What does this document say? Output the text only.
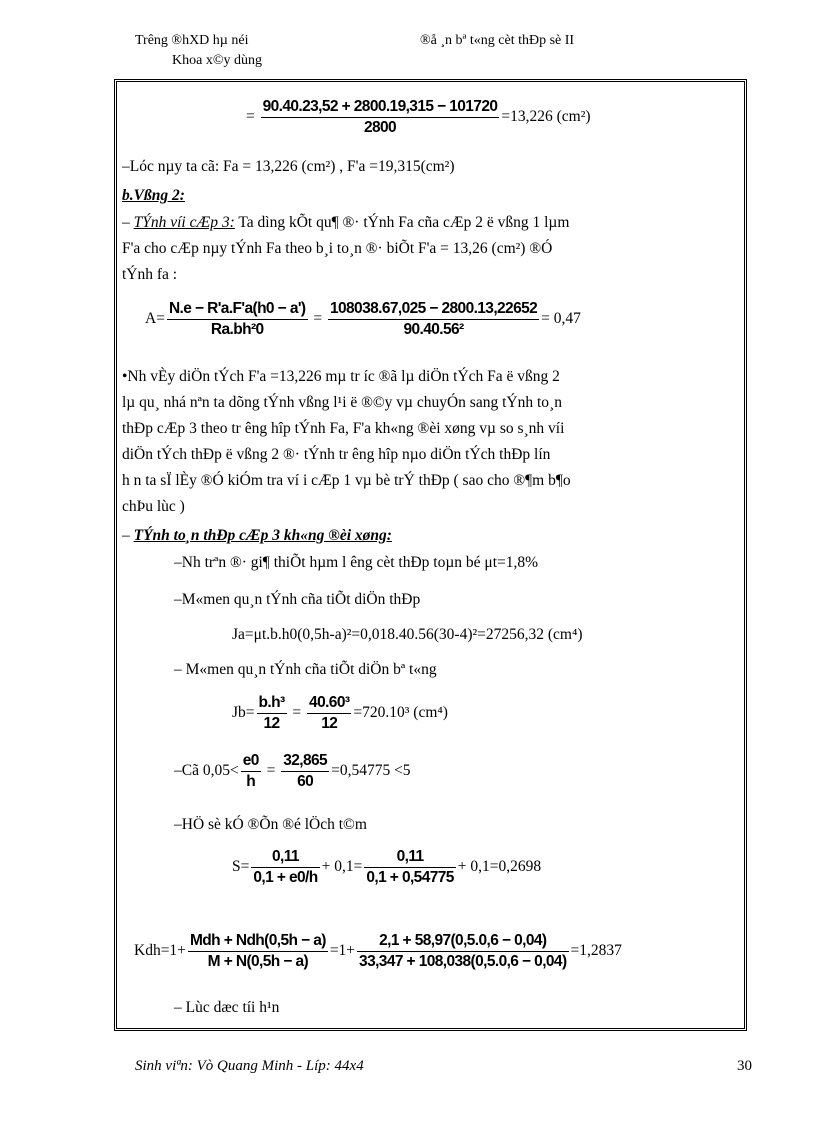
Trêng ®hXD hµ néi
Khoa x©y dùng
®å ¸n bª t«ng cèt thÐp sè II
= $\frac{90.40.23,52 + 2800.19,315 - 101720}{2800} =13,226$ (cm²)
–Lóc nµy ta cã: Fa = 13,226 (cm²) , F'a =19,315(cm²)
b.Vßng 2:
– TÝnh víi cÆp 3: Ta dìng kÕt qu¶ ®· tÝnh Fa cña cÆp 2 ë vßng 1 lµm
F'a cho cÆp nµy tÝnh Fa theo b¸i to¸n ®· biÕt F'a = 13,26 (cm²) ®Ó
tÝnh fa :
$A= \frac{N.e - R'a.F'a(h0 - a')}{\text{Ra.bh²0}} = \frac{108038.67,025 - 2800.13,22652}{\text{90.40.56²}} = 0,47$
•Nh vÈy diÖn tÝch F'a =13,226 mµ tr íc ®ã lµ diÖn tÝch Fa ë vßng 2
lµ qu¸ nhá nªn ta dõng tÝnh vßng l¹i ë ®©y vµ chuyÓn sang tÝnh to¸n
thÐp cÆp 3 theo tr êng hîp tÝnh Fa, F'a kh«ng ®èi xøng vµ so s¸nh víi
diÖn tÝch thÐp ë vßng 2 ®· tÝnh tr êng hîp nµo diÖn tÝch thÐp lín
h n ta sÏ lÈy ®Ó kiÓm tra ví i cÆp 1 vµ bè trÝ thÐp ( sao cho ®¶m b¶o
chÞu lùc )
– TÝnh to¸n thÐp cÆp 3 kh«ng ®èi xøng:
–Nh trªn ®· gi¶ thiÕt hµm l êng cèt thÐp toµn bé μt=1,8%
–M«men qu¸n tÝnh cña tiÕt diÖn thÐp
Ja=μt.b.h0(0,5h-a)²=0,018.40.56(30-4)²=27256,32 (cm⁴)
– M«men qu¸n tÝnh cña tiÕt diÖn bª t«ng
$Jb= \frac{\text{b.h³}}{12} = \frac{\text{40.60³}}{12} =720.10^3$ (cm⁴)
–Cã $0,05< \frac{e0}{h} = \frac{32,865}{60} =0,54775 <5$
–HÖ sè kÓ ®Õn ®é lÖch t©m
$S= \frac{0,11}{0,1 + e0/h} + 0,1= \frac{0,11}{0,1 + 0,54775} + 0,1=0,2698$
$Kdh=1+ \frac{\text{Mdh + Ndh(0,5h − a)}}{M + N(0,5h - a)} =1+ \frac{2,1 + 58,97(0,5.0,6 - 0,04)}{33,347 + 108,038(0,5.0,6 - 0,04)} =1,2837$
– Lùc dæc tíi h¹n
Sinh viªn: Vò Quang Minh - Líp: 44x4	30
